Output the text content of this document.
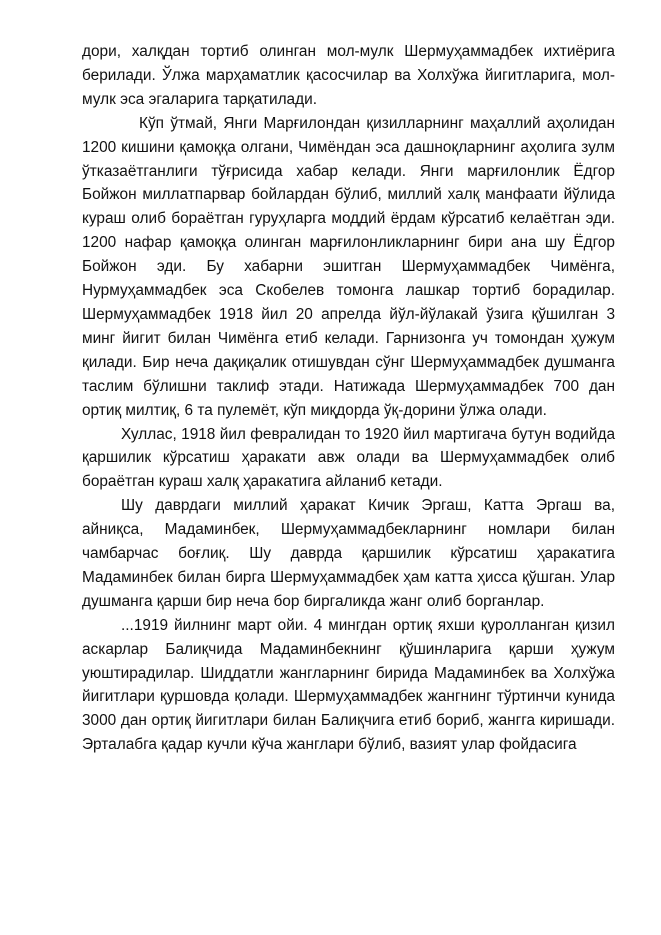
дори, халқдан тортиб олинган мол-мулк Шермуҳаммадбек ихтиёрига берилади. Ўлжа марҳаматлик қасосчилар ва Холхўжа йигитларига, мол-мулк эса эгаларига тарқатилади.

Кўп ўтмай, Янги Марғилондан қизилларнинг маҳаллий аҳолидан 1200 кишини қамоққа олгани, Чимёндан эса дашноқларнинг аҳолига зулм ўтказаётганлиги тўғрисида хабар келади. Янги марғилонлик Ёдгор Бойжон миллатпарвар бойлардан бўлиб, миллий халқ манфаати йўлида кураш олиб бораётган гуруҳларга моддий ёрдам кўрсатиб келаётган эди. 1200 нафар қамоққа олинган марғилонликларнинг бири ана шу Ёдгор Бойжон эди. Бу хабарни эшитган Шермуҳаммадбек Чимёнга, Нурмуҳаммадбек эса Скобелев томонга лашкар тортиб борадилар. Шермуҳаммадбек 1918 йил 20 апрелда йўл-йўлакай ўзига қўшилган 3 минг йигит билан Чимёнга етиб келади. Гарнизонга уч томондан ҳужум қилади. Бир неча дақиқалик отишувдан сўнг Шермуҳаммадбек душманга таслим бўлишни таклиф этади. Натижада Шермуҳаммадбек 700 дан ортиқ милтиқ, 6 та пулемёт, кўп миқдорда ўқ-дорини ўлжа олади.

Хуллас, 1918 йил февралидан то 1920 йил мартигача бутун водийда қаршилик кўрсатиш ҳаракати авж олади ва Шермуҳаммадбек олиб бораётган кураш халқ ҳаракатига айланиб кетади.

Шу даврдаги миллий ҳаракат Кичик Эргаш, Катта Эргаш ва, айниқса, Мадаминбек, Шермуҳаммадбекларнинг номлари билан чамбарчас боғлиқ. Шу даврда қаршилик кўрсатиш ҳаракатига Мадаминбек билан бирга Шермуҳаммадбек ҳам катта ҳисса қўшган. Улар душманга қарши бир неча бор биргаликда жанг олиб борганлар.

...1919 йилнинг март ойи. 4 мингдан ортиқ яхши қуролланган қизил аскарлар Балиқчида Мадаминбекнинг қўшинларига қарши ҳужум уюштирадилар. Шиддатли жангларнинг бирида Мадаминбек ва Холхўжа йигитлари қуршовда қолади. Шермуҳаммадбек жангнинг тўртинчи кунида 3000 дан ортиқ йигитлари билан Балиқчига етиб бориб, жангга киришади. Эрталабга қадар кучли кўча жанглари бўлиб, вазият улар фойдасига
